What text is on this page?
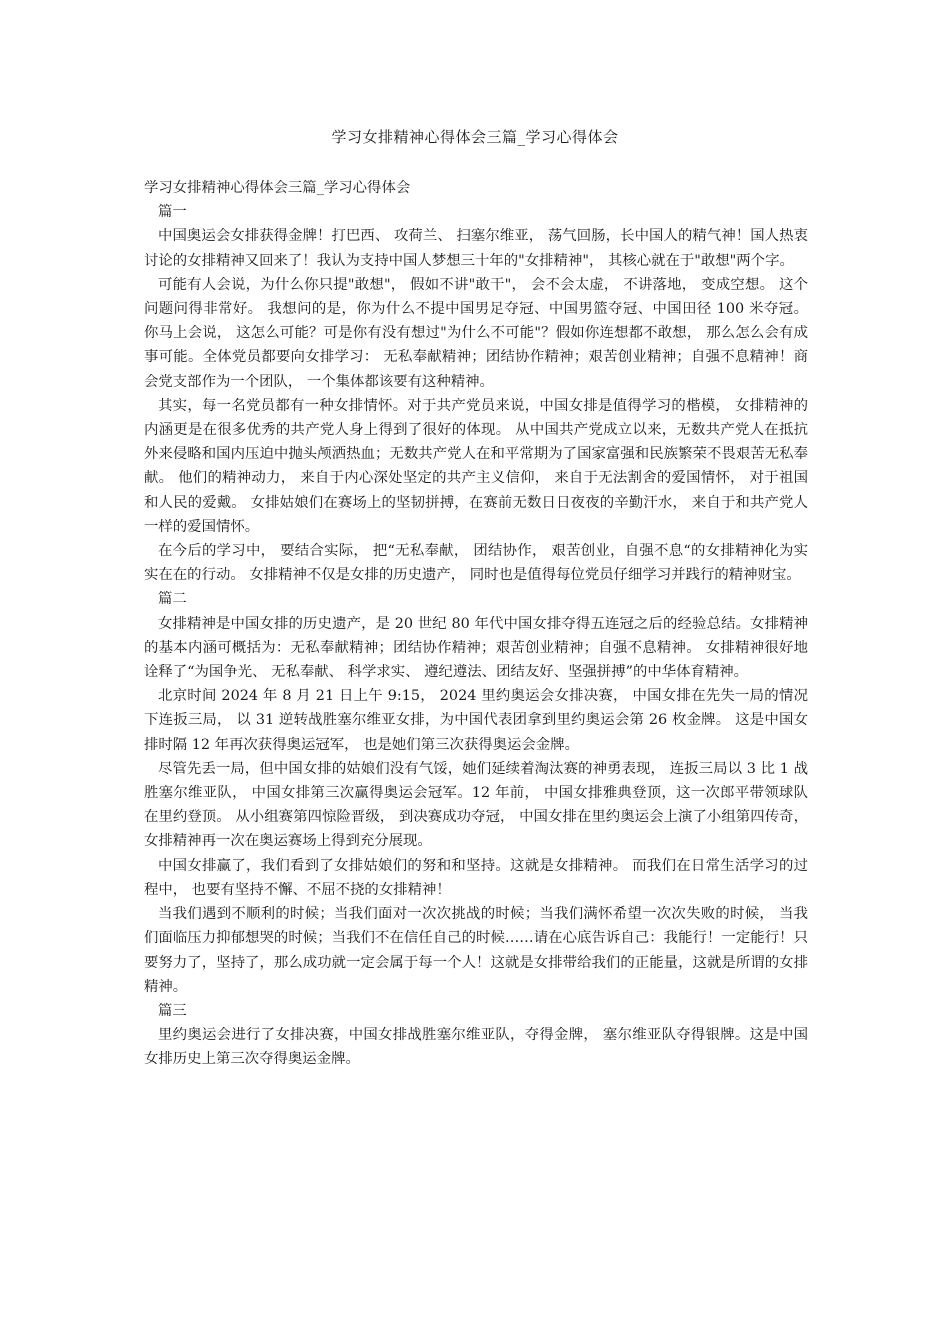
学习女排精神心得体会三篇_学习心得体会

学习女排精神心得体会三篇_学习心得体会

篇一

中国奥运会女排获得金牌！打巴西、 攻荷兰、 扫塞尔维亚， 荡气回肠，长中国人的精气神！国人热衷讨论的女排精神又回来了！我认为支持中国人梦想三十年的"女排精神"， 其核心就在于"敢想"两个字。

可能有人会说，为什么你只提"敢想"， 假如不讲"敢干"， 会不会太虚， 不讲落地， 变成空想。 这个问题问得非常好。 我想问的是，你为什么不提中国男足夺冠、中国男篮夺冠、中国田径 100 米夺冠。 你马上会说， 这怎么可能？可是你有没有想过"为什么不可能"？假如你连想都不敢想， 那么怎么会有成事可能。全体党员都要向女排学习： 无私奉献精神；团结协作精神；艰苦创业精神；自强不息精神！商会党支部作为一个团队， 一个集体都该要有这种精神。

其实，每一名党员都有一种女排情怀。对于共产党员来说，中国女排是值得学习的楷模， 女排精神的内涵更是在很多优秀的共产党人身上得到了很好的体现。 从中国共产党成立以来，无数共产党人在抵抗外来侵略和国内压迫中抛头颅洒热血；无数共产党人在和平常期为了国家富强和民族繁荣不畏艰苦无私奉献。 他们的精神动力， 来自于内心深处坚定的共产主义信仰， 来自于无法割舍的爱国情怀， 对于祖国和人民的爱戴。 女排姑娘们在赛场上的坚韧拼搏，在赛前无数日日夜夜的辛勤汗水， 来自于和共产党人一样的爱国情怀。

在今后的学习中， 要结合实际， 把“无私奉献， 团结协作， 艰苦创业，自强不息“的女排精神化为实实在在的行动。 女排精神不仅是女排的历史遗产， 同时也是值得每位党员仔细学习并践行的精神财宝。

篇二

女排精神是中国女排的历史遗产，是 20 世纪 80 年代中国女排夺得五连冠之后的经验总结。女排精神的基本内涵可概括为：无私奉献精神；团结协作精神；艰苦创业精神；自强不息精神。 女排精神很好地诠释了“为国争光、 无私奉献、 科学求实、 遵纪遵法、团结友好、坚强拼搏”的中华体育精神。

北京时间 2024 年 8 月 21 日上午 9:15， 2024 里约奥运会女排决赛， 中国女排在先失一局的情况下连扳三局， 以 31 逆转战胜塞尔维亚女排，为中国代表团拿到里约奥运会第 26 枚金牌。 这是中国女排时隔 12 年再次获得奥运冠军， 也是她们第三次获得奥运会金牌。

尽管先丢一局，但中国女排的姑娘们没有气馁，她们延续着淘汰赛的神勇表现， 连扳三局以 3 比 1 战胜塞尔维亚队， 中国女排第三次赢得奥运会冠军。12 年前， 中国女排雅典登顶，这一次郎平带领球队在里约登顶。 从小组赛第四惊险晋级， 到决赛成功夺冠， 中国女排在里约奥运会上演了小组第四传奇， 女排精神再一次在奥运赛场上得到充分展现。

中国女排赢了，我们看到了女排姑娘们的努和和坚持。这就是女排精神。 而我们在日常生活学习的过程中， 也要有坚持不懈、不屈不挠的女排精神！

当我们遇到不顺利的时候；当我们面对一次次挑战的时候；当我们满怀希望一次次失败的时候， 当我们面临压力抑郁想哭的时候；当我们不在信任自己的时候……请在心底告诉自己：我能行！一定能行！只要努力了，坚持了，那么成功就一定会属于每一个人！这就是女排带给我们的正能量，这就是所谓的女排精神。

篇三

里约奥运会进行了女排决赛，中国女排战胜塞尔维亚队，夺得金牌， 塞尔维亚队夺得银牌。这是中国女排历史上第三次夺得奥运金牌。
